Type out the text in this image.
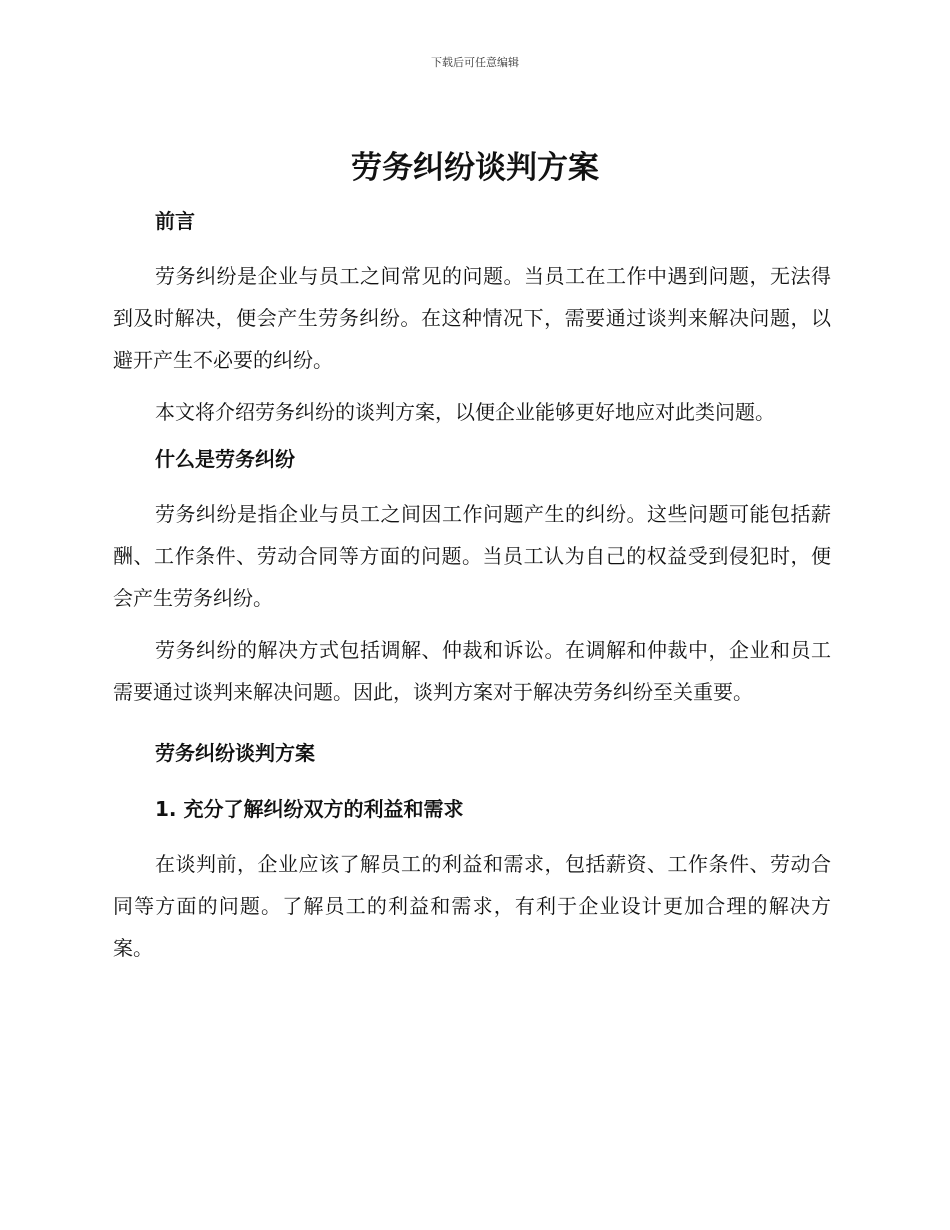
下载后可任意编辑
劳务纠纷谈判方案

前言

劳务纠纷是企业与员工之间常见的问题。当员工在工作中遇到问题，无法得到及时解决，便会产生劳务纠纷。在这种情况下，需要通过谈判来解决问题，以避开产生不必要的纠纷。

本文将介绍劳务纠纷的谈判方案，以便企业能够更好地应对此类问题。

什么是劳务纠纷

劳务纠纷是指企业与员工之间因工作问题产生的纠纷。这些问题可能包括薪酬、工作条件、劳动合同等方面的问题。当员工认为自己的权益受到侵犯时，便会产生劳务纠纷。

劳务纠纷的解决方式包括调解、仲裁和诉讼。在调解和仲裁中，企业和员工需要通过谈判来解决问题。因此，谈判方案对于解决劳务纠纷至关重要。

劳务纠纷谈判方案

1. 充分了解纠纷双方的利益和需求

在谈判前，企业应该了解员工的利益和需求，包括薪资、工作条件、劳动合同等方面的问题。了解员工的利益和需求，有利于企业设计更加合理的解决方案。
